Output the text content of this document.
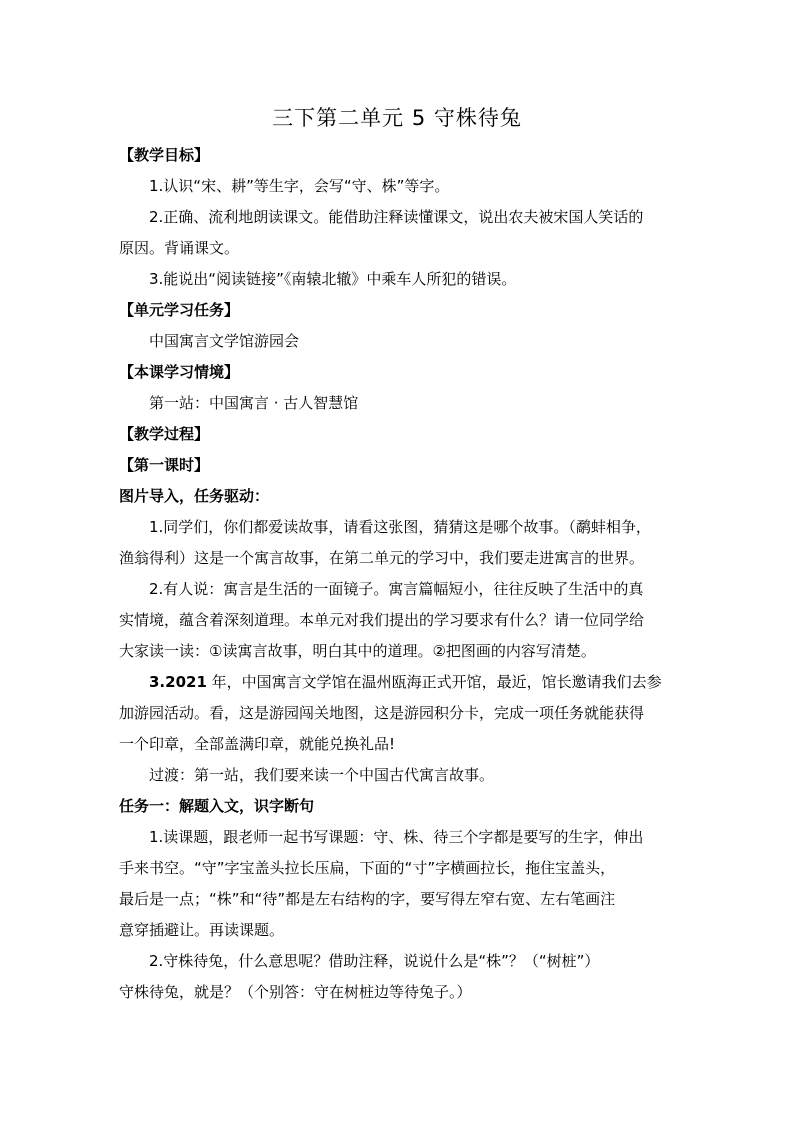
三下第二单元 5 守株待兔
【教学目标】
1.认识“宋、耕”等生字，会写“守、株”等字。
2.正确、流利地朗读课文。能借助注释读懂课文，说出农夫被宋国人笑话的
原因。背诵课文。
3.能说出“阅读链接”《南辕北辙》中乘车人所犯的错误。
【单元学习任务】
中国寓言文学馆游园会
【本课学习情境】
第一站：中国寓言 · 古人智慧馆
【教学过程】
【第一课时】
图片导入，任务驱动：
1.同学们，你们都爱读故事，请看这张图，猜猜这是哪个故事。（鹬蚌相争，
渔翁得利）这是一个寓言故事，在第二单元的学习中，我们要走进寓言的世界。
2.有人说：寓言是生活的一面镜子。寓言篇幅短小，往往反映了生活中的真
实情境，蕴含着深刻道理。本单元对我们提出的学习要求有什么？请一位同学给
大家读一读：①读寓言故事，明白其中的道理。②把图画的内容写清楚。
3.2021 年，中国寓言文学馆在温州瓯海正式开馆，最近，馆长邀请我们去参
加游园活动。看，这是游园闯关地图，这是游园积分卡，完成一项任务就能获得
一个印章，全部盖满印章，就能兑换礼品!
过渡：第一站，我们要来读一个中国古代寓言故事。
任务一：解题入文，识字断句
1.读课题，跟老师一起书写课题：守、株、待三个字都是要写的生字，伸出
手来书空。“守”字宝盖头拉长压扁，下面的“寸”字横画拉长，拖住宝盖头，
最后是一点；“株”和“待”都是左右结构的字，要写得左窄右宽、左右笔画注
意穿插避让。再读课题。
2.守株待兔，什么意思呢？借助注释，说说什么是“株”？（“树桩”）
守株待兔，就是？（个别答：守在树桩边等待兔子。）
